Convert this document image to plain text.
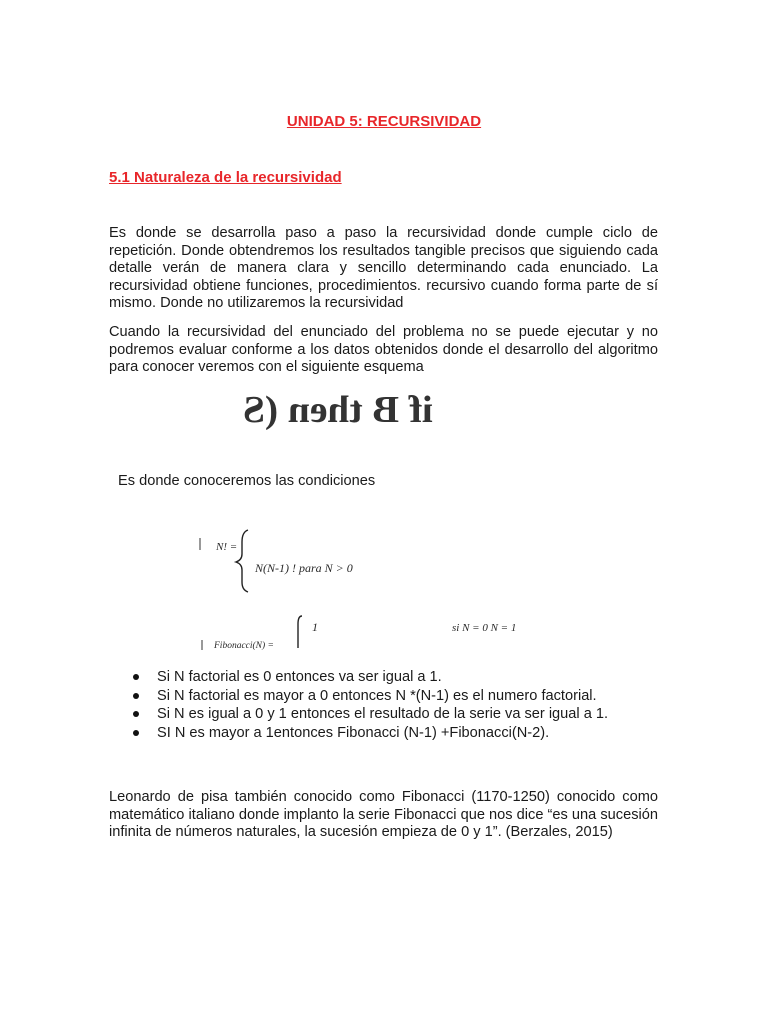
UNIDAD 5: RECURSIVIDAD
5.1 Naturaleza de la recursividad

Es donde se desarrolla paso a paso la recursividad donde cumple ciclo de repetición. Donde obtendremos los resultados tangible precisos que siguiendo cada detalle verán de manera clara y sencillo determinando cada enunciado. La recursividad obtiene funciones, procedimientos. recursivo cuando forma parte de sí mismo. Donde no utilizaremos la recursividad

Cuando la recursividad del enunciado del problema no se puede ejecutar y no podremos evaluar conforme a los datos obtenidos donde el desarrollo del algoritmo para conocer veremos con el siguiente esquema

if B then (S
Es donde conoceremos las condiciones
N! =
N(N-1) ! para N > 0
Fibonacci(N) =
1	si N = 0 N = 1
Si N factorial es 0 entonces va ser igual a 1.
Si N factorial es mayor a 0 entonces N *(N-1) es el numero factorial.
Si N es igual a 0 y 1 entonces el resultado de la serie va ser igual a 1.
SI N es mayor a 1entonces Fibonacci (N-1) +Fibonacci(N-2).

Leonardo de pisa también conocido como Fibonacci (1170-1250) conocido como matemático italiano donde implanto la serie Fibonacci que nos dice “es una sucesión infinita de números naturales, la sucesión empieza de 0 y 1”. (Berzales, 2015)
